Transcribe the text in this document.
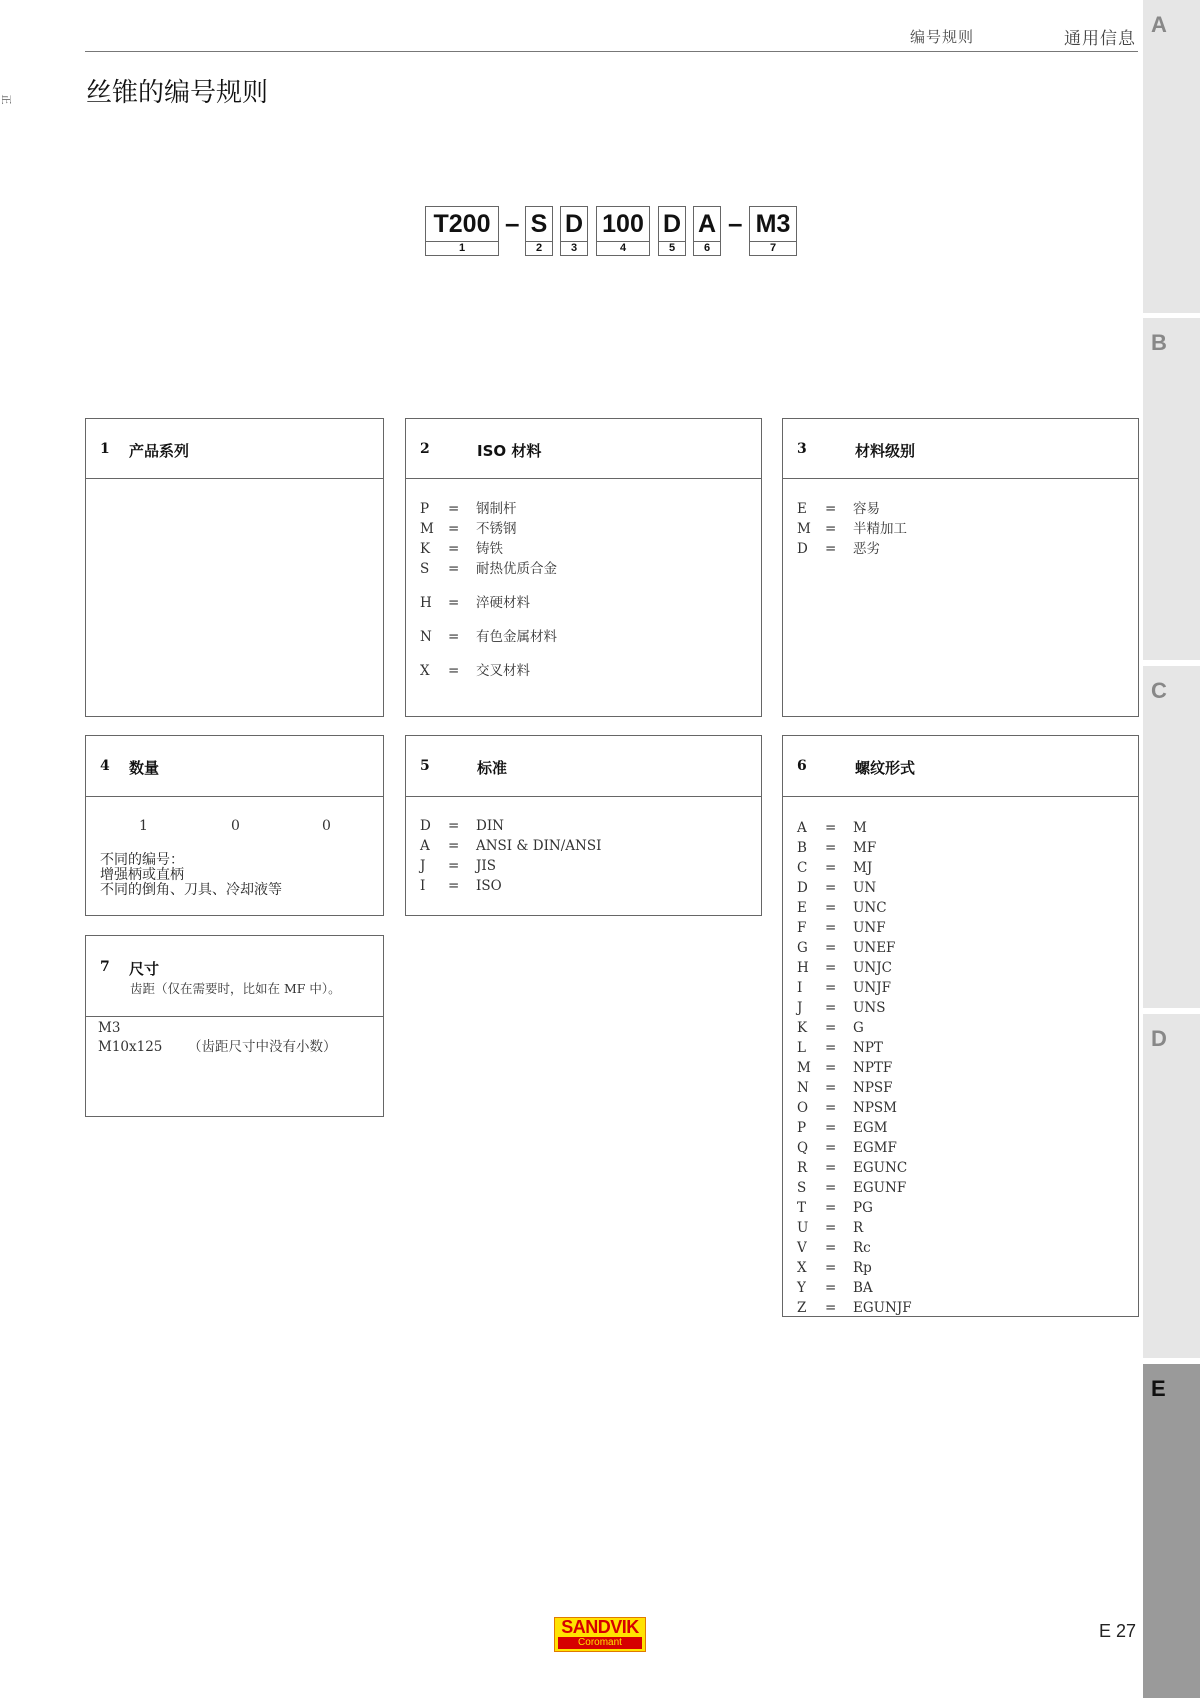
编号规则	通用信息
正	丝锥的编号规则
T200
1
– S
2
D
3
100
4
D
5
A
6
– M3
7
1 产品系列	2	ISO 材料
P	= 钢制杆
M	= 不锈钢
K	= 铸铁
S	= 耐热优质合金
H	= 淬硬材料
N	= 有色金属材料
X	= 交叉材料
3	材料级别
E	= 容易
M	= 半精加工
D	= 恶劣
4 数量
1	0	0
不同的编号：
增强柄或直柄
不同的倒角、刀具、冷却液等
5	标准
D	= DIN
A	= ANSI & DIN/ANSI
J	= JIS
I	= ISO
6	螺纹形式
A	= M
B	= MF
C	= MJ
D	= UN
E	= UNC
F	= UNF
G	= UNEF
H	= UNJC
I	= UNJF
J	= UNS
K	= G
L	= NPT
M	= NPTF
N	= NPSF
O	= NPSM
P	= EGM
Q	= EGMF
R	= EGUNC
S	= EGUNF
T	= PG
U	= R
V	= Rc
X	= Rp
Y	= BA
Z	= EGUNJF
7 尺寸
齿距（仅在需要时，比如在 MF 中）。
M3
M10x125 （齿距尺寸中没有小数）
A
B
C
D
E
SANDVIK
Coromant
E 27
